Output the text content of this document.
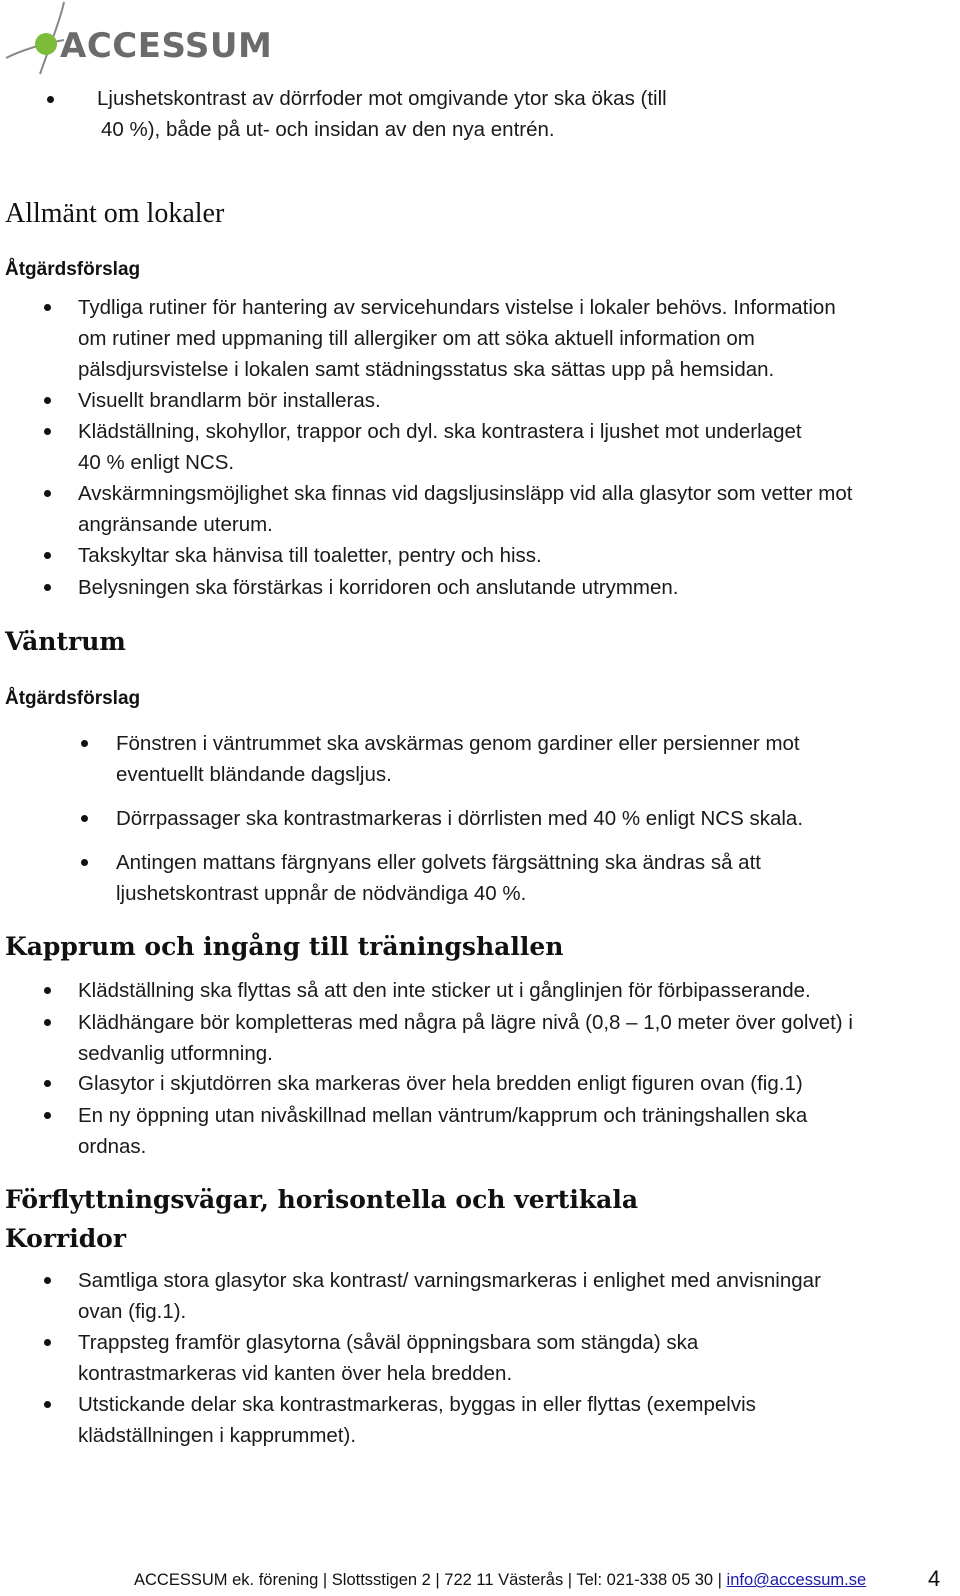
ACCESSUM
Ljushetskontrast av dörrfoder mot omgivande ytor ska ökas (till
40 %), både på ut- och insidan av den nya entrén.
Allmänt om lokaler
Åtgärdsförslag
Tydliga rutiner för hantering av servicehundars vistelse i lokaler behövs. Information
om rutiner med uppmaning till allergiker om att söka aktuell information om
pälsdjursvistelse i lokalen samt städningsstatus ska sättas upp på hemsidan.
Visuellt brandlarm bör installeras.
Klädställning, skohyllor, trappor och dyl. ska kontrastera i ljushet mot underlaget
40 % enligt NCS.
Avskärmningsmöjlighet ska finnas vid dagsljusinsläpp vid alla glasytor som vetter mot
angränsande uterum.
Takskyltar ska hänvisa till toaletter, pentry och hiss.
Belysningen ska förstärkas i korridoren och anslutande utrymmen.
Väntrum
Åtgärdsförslag
Fönstren i väntrummet ska avskärmas genom gardiner eller persienner mot
eventuellt bländande dagsljus.
Dörrpassager ska kontrastmarkeras i dörrlisten med 40 % enligt NCS skala.
Antingen mattans färgnyans eller golvets färgsättning ska ändras så att
ljushetskontrast uppnår de nödvändiga 40 %.
Kapprum och ingång till träningshallen
Klädställning ska flyttas så att den inte sticker ut i gånglinjen för förbipasserande.
Klädhängare bör kompletteras med några på lägre nivå (0,8 – 1,0 meter över golvet) i
sedvanlig utformning.
Glasytor i skjutdörren ska markeras över hela bredden enligt figuren ovan (fig.1)
En ny öppning utan nivåskillnad mellan väntrum/kapprum och träningshallen ska
ordnas.
Förflyttningsvägar, horisontella och vertikala
Korridor
Samtliga stora glasytor ska kontrast/ varningsmarkeras i enlighet med anvisningar
ovan (fig.1).
Trappsteg framför glasytorna (såväl öppningsbara som stängda) ska
kontrastmarkeras vid kanten över hela bredden.
Utstickande delar ska kontrastmarkeras, byggas in eller flyttas (exempelvis
klädställningen i kapprummet).
ACCESSUM ek. förening | Slottsstigen 2 | 722 11 Västerås | Tel: 021-338 05 30 | info@accessum.se	4
